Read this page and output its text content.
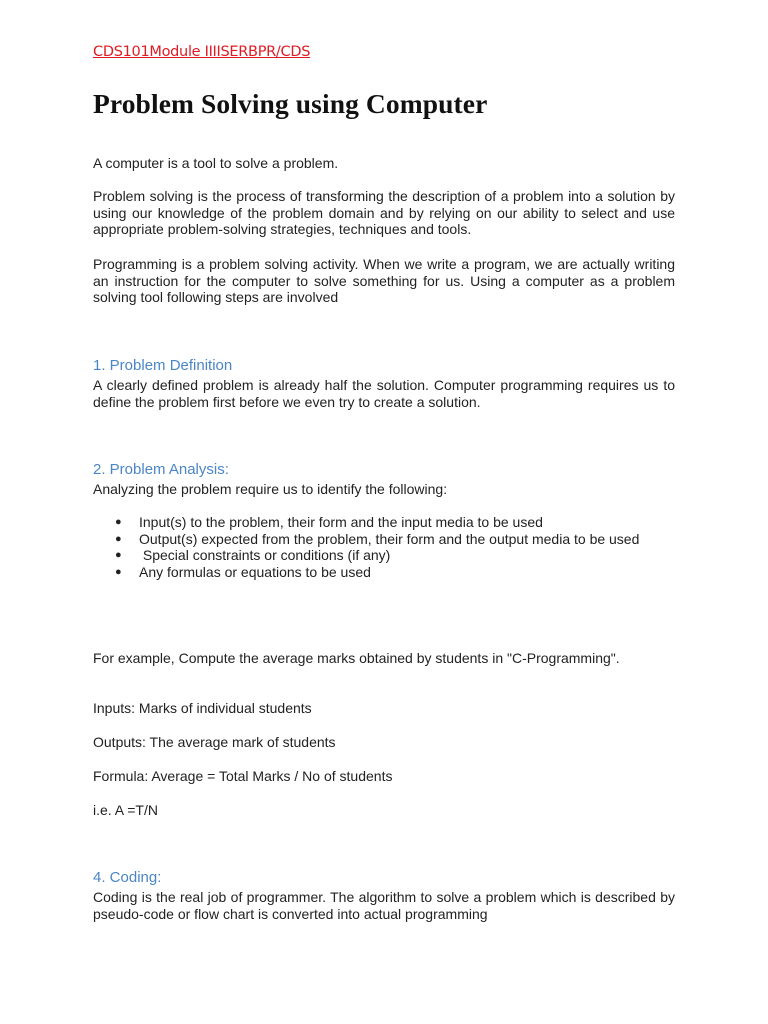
CDS101Module IIIISERBPR/CDS
Problem Solving using Computer

A computer is a tool to solve a problem.

Problem solving is the process of transforming the description of a problem into a solution by using our knowledge of the problem domain and by relying on our ability to select and use appropriate problem-solving strategies, techniques and tools.

Programming is a problem solving activity. When we write a program, we are actually writing an instruction for the computer to solve something for us. Using a computer as a problem solving tool following steps are involved

1. Problem Definition

A clearly defined problem is already half the solution. Computer programming requires us to define the problem first before we even try to create a solution.

2. Problem Analysis:

Analyzing the problem require us to identify the following:

● Input(s) to the problem, their form and the input media to be used
● Output(s) expected from the problem, their form and the output media to be used
● Special constraints or conditions (if any)
● Any formulas or equations to be used

For example, Compute the average marks obtained by students in "C-Programming".

Inputs: Marks of individual students

Outputs: The average mark of students

Formula: Average = Total Marks / No of students

i.e. A =T/N

4. Coding:

Coding is the real job of programmer. The algorithm to solve a problem which is described by pseudo-code or flow chart is converted into actual programming
